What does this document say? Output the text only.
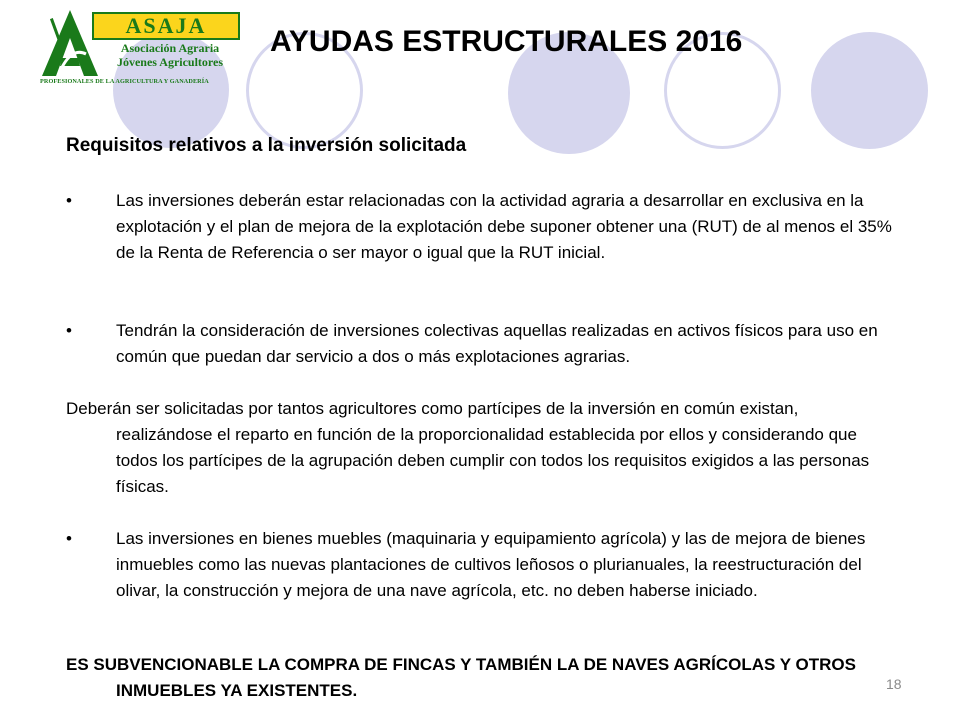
ASAJA
Asociación Agraria
Jóvenes Agricultores
PROFESIONALES DE LA AGRICULTURA Y GANADERÍA
AYUDAS ESTRUCTURALES 2016
Requisitos relativos a la inversión solicitada
•	Las inversiones deberán estar relacionadas con la actividad agraria a desarrollar en exclusiva en la explotación y el plan de mejora de la explotación debe suponer obtener una (RUT) de al menos el 35% de la Renta de Referencia o ser mayor o igual que la RUT inicial.
•	Tendrán la consideración de inversiones colectivas aquellas realizadas en activos físicos para uso en común que puedan dar servicio a dos o más explotaciones agrarias.
Deberán ser solicitadas por tantos agricultores como partícipes de la inversión en común existan, realizándose el reparto en función de la proporcionalidad establecida por ellos y considerando que todos los partícipes de la agrupación deben cumplir con todos los requisitos exigidos a las personas físicas.
•	Las inversiones en bienes muebles (maquinaria y equipamiento agrícola) y las de mejora de bienes inmuebles como las nuevas plantaciones de cultivos leñosos o plurianuales, la reestructuración del olivar, la construcción y mejora de una nave agrícola, etc. no deben haberse iniciado.
ES SUBVENCIONABLE LA COMPRA DE FINCAS Y TAMBIÉN LA DE NAVES AGRÍCOLAS Y OTROS INMUEBLES YA EXISTENTES.	18
